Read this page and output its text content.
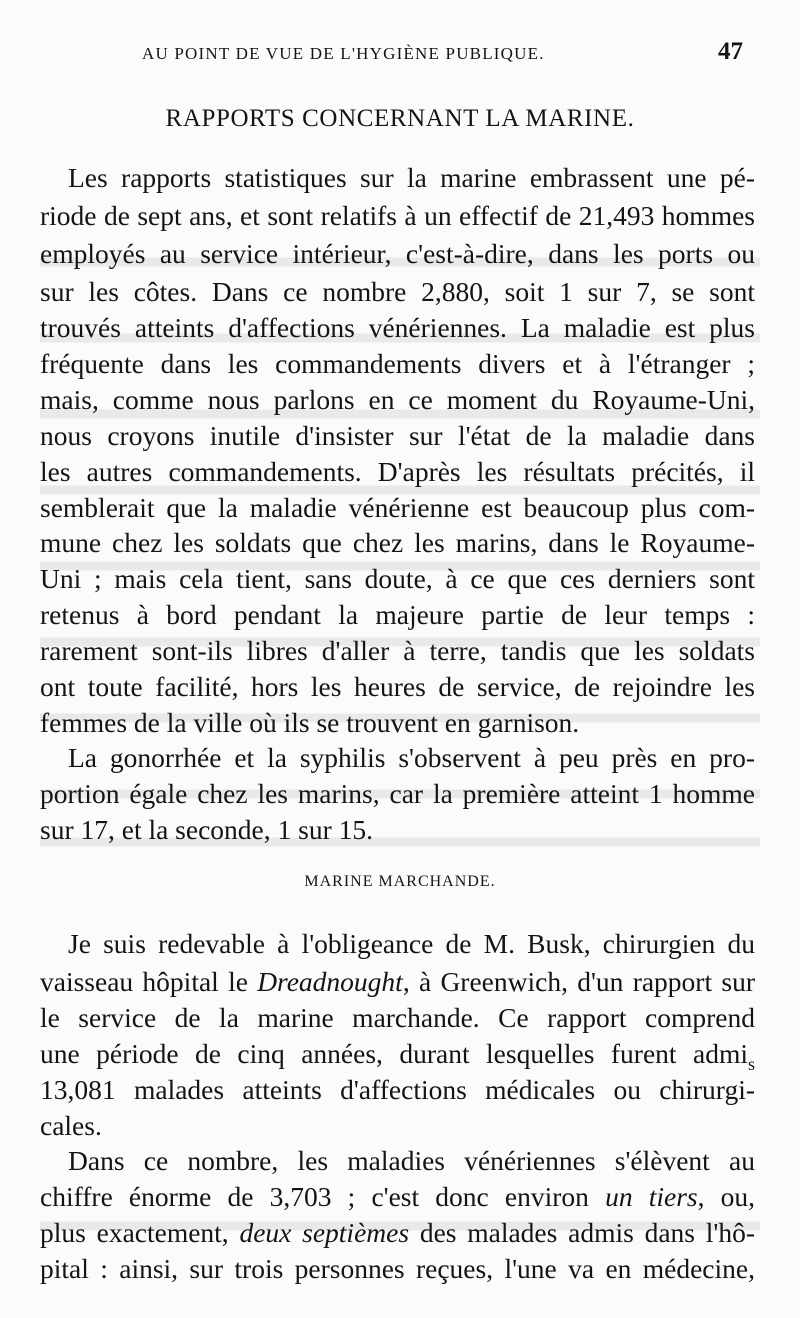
AU POINT DE VUE DE L'HYGIÈNE PUBLIQUE.	47
RAPPORTS CONCERNANT LA MARINE.
Les rapports statistiques sur la marine embrassent une pé-
riode de sept ans, et sont relatifs à un effectif de 21,493 hommes
employés au service intérieur, c'est-à-dire, dans les ports ou
sur les côtes. Dans ce nombre 2,880, soit 1 sur 7, se sont
trouvés atteints d'affections vénériennes. La maladie est plus
fréquente dans les commandements divers et à l'étranger ;
mais, comme nous parlons en ce moment du Royaume-Uni,
nous croyons inutile d'insister sur l'état de la maladie dans
les autres commandements. D'après les résultats précités, il
semblerait que la maladie vénérienne est beaucoup plus com-
mune chez les soldats que chez les marins, dans le Royaume-
Uni ; mais cela tient, sans doute, à ce que ces derniers sont
retenus à bord pendant la majeure partie de leur temps :
rarement sont-ils libres d'aller à terre, tandis que les soldats
ont toute facilité, hors les heures de service, de rejoindre les
femmes de la ville où ils se trouvent en garnison.
La gonorrhée et la syphilis s'observent à peu près en pro-
portion égale chez les marins, car la première atteint 1 homme
sur 17, et la seconde, 1 sur 15.
MARINE MARCHANDE.
Je suis redevable à l'obligeance de M. Busk, chirurgien du
vaisseau hôpital le Dreadnought, à Greenwich, d'un rapport sur
le service de la marine marchande. Ce rapport comprend
une période de cinq années, durant lesquelles furent admi$_s$
13,081 malades atteints d'affections médicales ou chirurgi-
cales.
Dans ce nombre, les maladies vénériennes s'élèvent au
chiffre énorme de 3,703 ; c'est donc environ un tiers, ou,
plus exactement, deux septièmes des malades admis dans l'hô-
pital : ainsi, sur trois personnes reçues, l'une va en médecine,
